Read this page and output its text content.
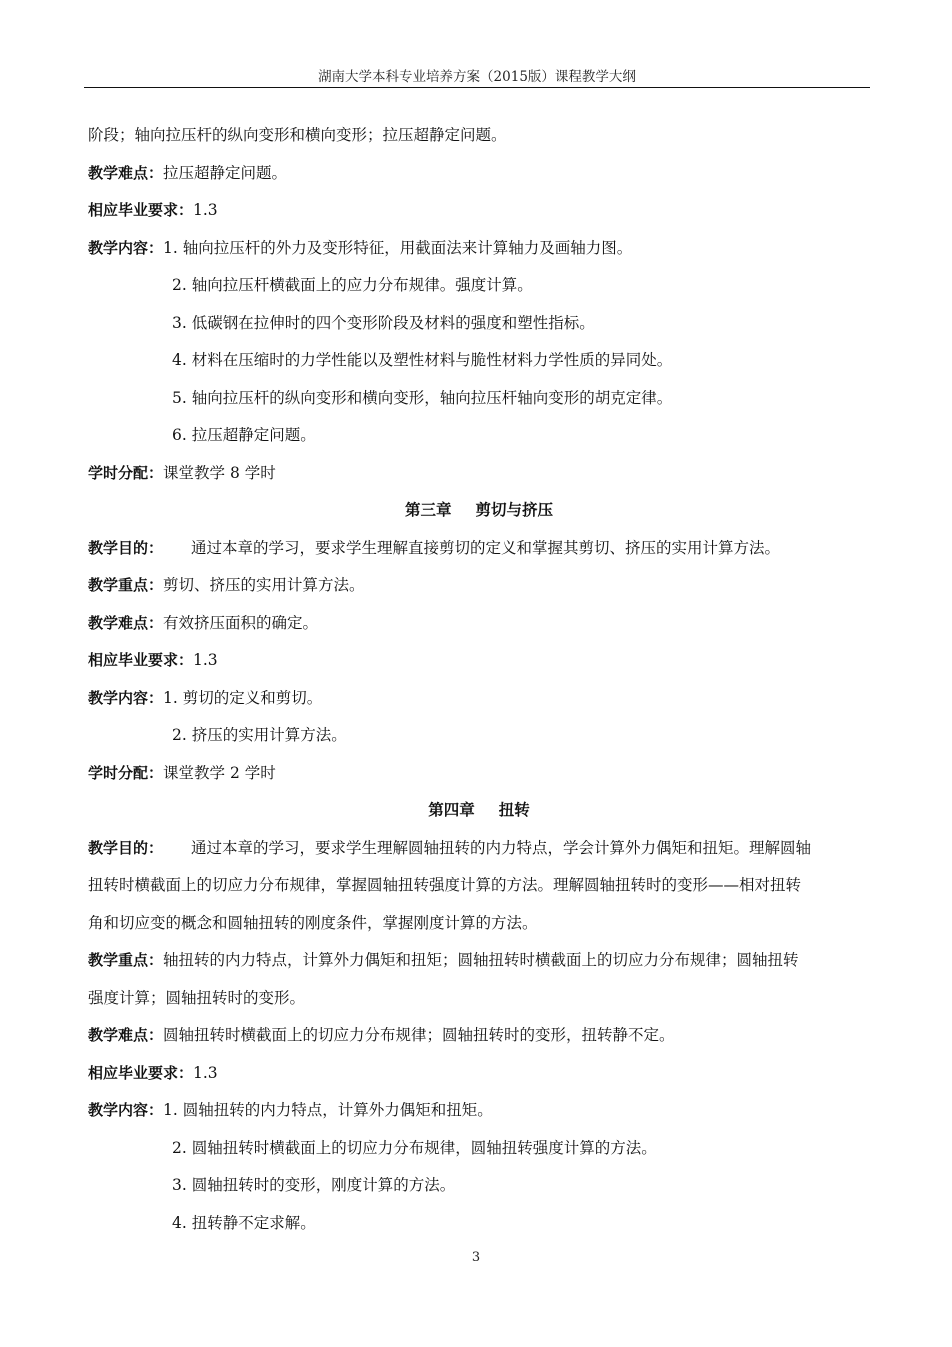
湖南大学本科专业培养方案（2015版）课程教学大纲
阶段；轴向拉压杆的纵向变形和横向变形；拉压超静定问题。
教学难点：拉压超静定问题。
相应毕业要求：1.3
教学内容：1. 轴向拉压杆的外力及变形特征，用截面法来计算轴力及画轴力图。
2. 轴向拉压杆横截面上的应力分布规律。强度计算。
3. 低碳钢在拉伸时的四个变形阶段及材料的强度和塑性指标。
4. 材料在压缩时的力学性能以及塑性材料与脆性材料力学性质的异同处。
5. 轴向拉压杆的纵向变形和横向变形，轴向拉压杆轴向变形的胡克定律。
6. 拉压超静定问题。
学时分配：课堂教学 8 学时
第三章 剪切与挤压
教学目的： 通过本章的学习，要求学生理解直接剪切的定义和掌握其剪切、挤压的实用计算方法。
教学重点：剪切、挤压的实用计算方法。
教学难点：有效挤压面积的确定。
相应毕业要求：1.3
教学内容：1. 剪切的定义和剪切。
2. 挤压的实用计算方法。
学时分配：课堂教学 2 学时
第四章 扭转
教学目的： 通过本章的学习，要求学生理解圆轴扭转的内力特点，学会计算外力偶矩和扭矩。理解圆轴
扭转时横截面上的切应力分布规律，掌握圆轴扭转强度计算的方法。理解圆轴扭转时的变形——相对扭转
角和切应变的概念和圆轴扭转的刚度条件，掌握刚度计算的方法。
教学重点：轴扭转的内力特点，计算外力偶矩和扭矩；圆轴扭转时横截面上的切应力分布规律；圆轴扭转
强度计算；圆轴扭转时的变形。
教学难点：圆轴扭转时横截面上的切应力分布规律；圆轴扭转时的变形，扭转静不定。
相应毕业要求：1.3
教学内容：1. 圆轴扭转的内力特点，计算外力偶矩和扭矩。
2. 圆轴扭转时横截面上的切应力分布规律，圆轴扭转强度计算的方法。
3. 圆轴扭转时的变形，刚度计算的方法。
4. 扭转静不定求解。
3
